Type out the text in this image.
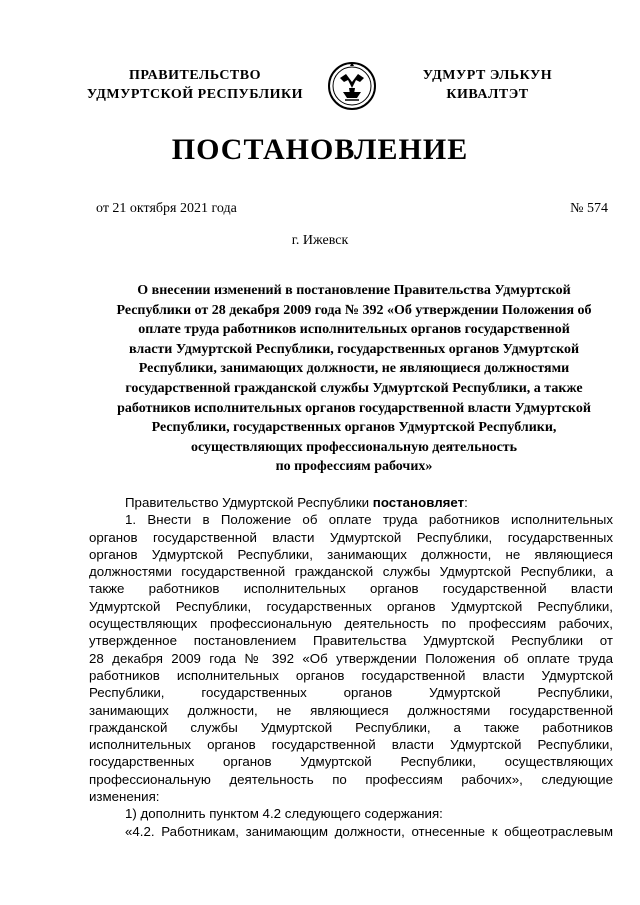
ПРАВИТЕЛЬСТВО
УДМУРТСКОЙ РЕСПУБЛИКИ
УДМУРТ ЭЛЬКУН
КИВАЛТЭТ
ПОСТАНОВЛЕНИЕ
от 21 октября 2021 года	№ 574
г. Ижевск
О внесении изменений в постановление Правительства Удмуртской
Республики от 28 декабря 2009 года № 392 «Об утверждении Положения об
оплате труда работников исполнительных органов государственной
власти Удмуртской Республики, государственных органов Удмуртской
Республики, занимающих должности, не являющиеся должностями
государственной гражданской службы Удмуртской Республики, а также
работников исполнительных органов государственной власти Удмуртской
Республики, государственных органов Удмуртской Республики,
осуществляющих профессиональную деятельность
по профессиям рабочих»
Правительство Удмуртской Республики постановляет:
1. Внести в Положение об оплате труда работников исполнительных
органов государственной власти Удмуртской Республики, государственных
органов Удмуртской Республики, занимающих должности, не являющиеся
должностями государственной гражданской службы Удмуртской Республики, а
также работников исполнительных органов государственной власти
Удмуртской Республики, государственных органов Удмуртской Республики,
осуществляющих профессиональную деятельность по профессиям рабочих,
утвержденное постановлением Правительства Удмуртской Республики от
28 декабря 2009 года № 392 «Об утверждении Положения об оплате труда
работников исполнительных органов государственной власти Удмуртской
Республики, государственных органов Удмуртской Республики,
занимающих должности, не являющиеся должностями государственной
гражданской службы Удмуртской Республики, а также работников
исполнительных органов государственной власти Удмуртской Республики,
государственных органов Удмуртской Республики, осуществляющих
профессиональную деятельность по профессиям рабочих», следующие
изменения:
1) дополнить пунктом 4.2 следующего содержания:
«4.2. Работникам, занимающим должности, отнесенные к общеотраслевым
